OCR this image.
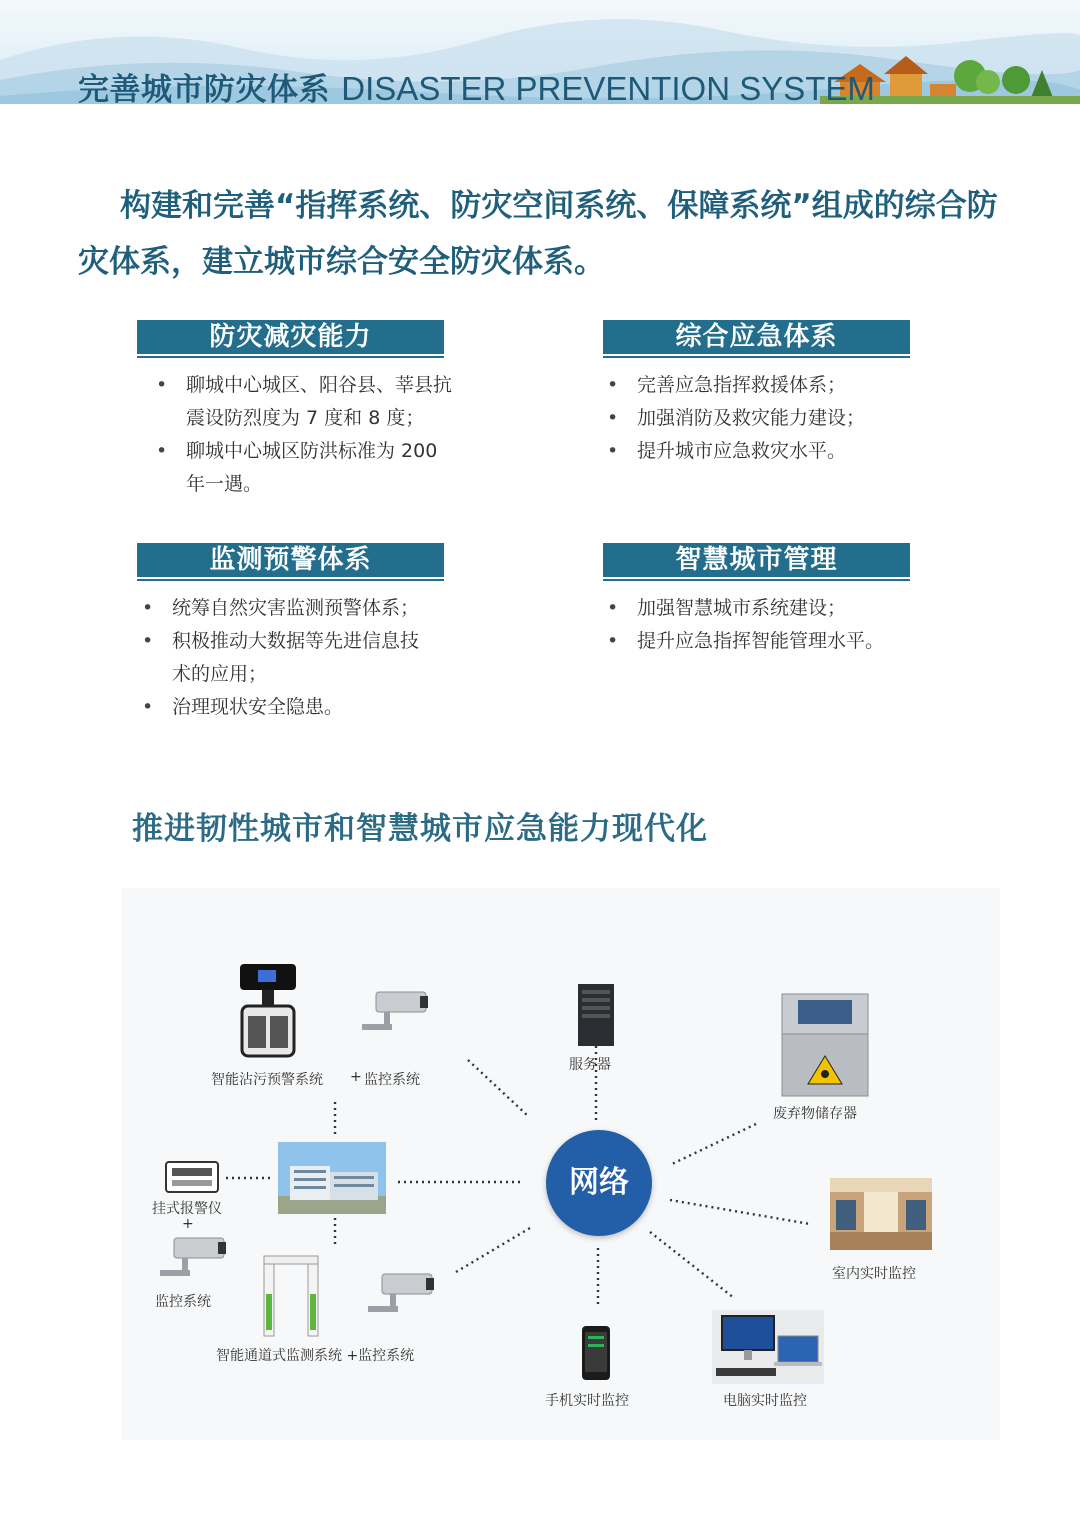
完善城市防灾体系 DISASTER PREVENTION SYSTEM
构建和完善“指挥系统、防灾空间系统、保障系统”组成的综合防灾体系，建立城市综合安全防灾体系。
防灾减灾能力
• 聊城中心城区、阳谷县、莘县抗震设防烈度为 7 度和 8 度；
• 聊城中心城区防洪标准为 200 年一遇。
综合应急体系
• 完善应急指挥救援体系；
• 加强消防及救灾能力建设；
• 提升城市应急救灾水平。
监测预警体系
• 统筹自然灾害监测预警体系；
• 积极推动大数据等先进信息技术的应用；
• 治理现状安全隐患。
智慧城市管理
• 加强智慧城市系统建设；
• 提升应急指挥智能管理水平。
推进韧性城市和智慧城市应急能力现代化
网络
智能沾污预警系统 + 监控系统
服务器
废弃物储存器
挂式报警仪
+
监控系统
智能通道式监测系统 +监控系统
室内实时监控
手机实时监控	电脑实时监控
